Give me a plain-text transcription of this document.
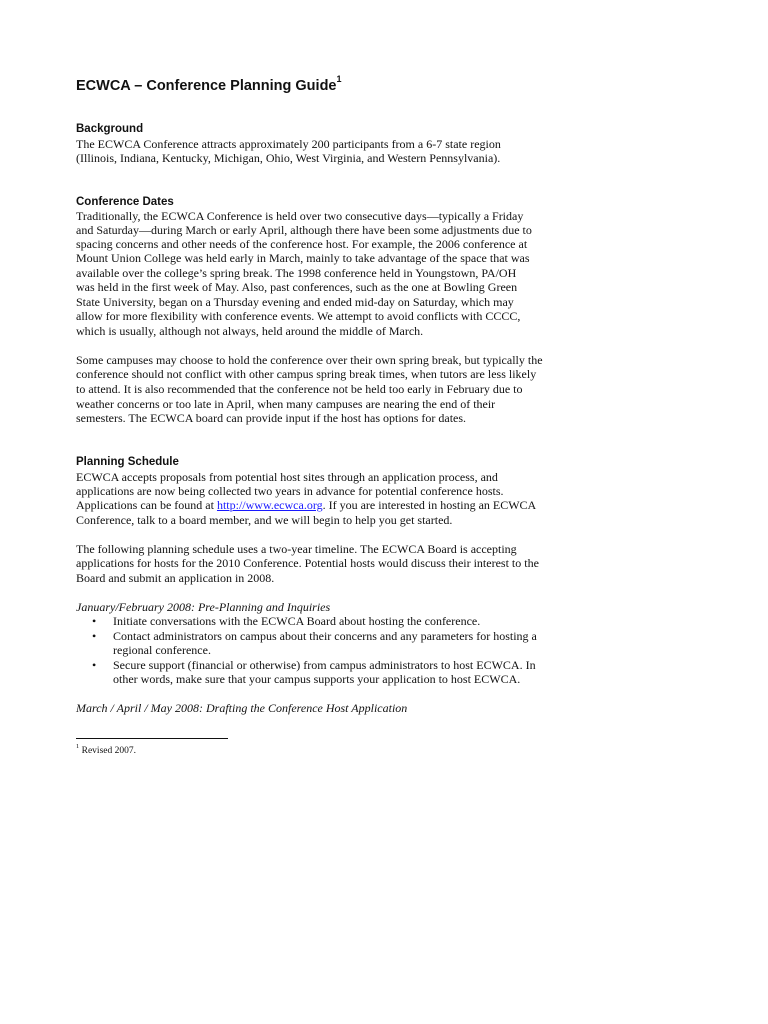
ECWCA – Conference Planning Guide$^1$
Background
The ECWCA Conference attracts approximately 200 participants from a 6-7 state region
(Illinois, Indiana, Kentucky, Michigan, Ohio, West Virginia, and Western Pennsylvania).
Conference Dates
Traditionally, the ECWCA Conference is held over two consecutive days—typically a Friday
and Saturday—during March or early April, although there have been some adjustments due to
spacing concerns and other needs of the conference host. For example, the 2006 conference at
Mount Union College was held early in March, mainly to take advantage of the space that was
available over the college’s spring break. The 1998 conference held in Youngstown, PA/OH
was held in the first week of May. Also, past conferences, such as the one at Bowling Green
State University, began on a Thursday evening and ended mid-day on Saturday, which may
allow for more flexibility with conference events. We attempt to avoid conflicts with CCCC,
which is usually, although not always, held around the middle of March.
Some campuses may choose to hold the conference over their own spring break, but typically the
conference should not conflict with other campus spring break times, when tutors are less likely
to attend. It is also recommended that the conference not be held too early in February due to
weather concerns or too late in April, when many campuses are nearing the end of their
semesters. The ECWCA board can provide input if the host has options for dates.
Planning Schedule
ECWCA accepts proposals from potential host sites through an application process, and
applications are now being collected two years in advance for potential conference hosts.
Applications can be found at http://www.ecwca.org. If you are interested in hosting an ECWCA
Conference, talk to a board member, and we will begin to help you get started.
The following planning schedule uses a two-year timeline. The ECWCA Board is accepting
applications for hosts for the 2010 Conference. Potential hosts would discuss their interest to the
Board and submit an application in 2008.
January/February 2008: Pre-Planning and Inquiries
• Initiate conversations with the ECWCA Board about hosting the conference.
• Contact administrators on campus about their concerns and any parameters for hosting a
regional conference.
• Secure support (financial or otherwise) from campus administrators to host ECWCA. In
other words, make sure that your campus supports your application to host ECWCA.
March / April / May 2008: Drafting the Conference Host Application
$^1$ Revised 2007.
